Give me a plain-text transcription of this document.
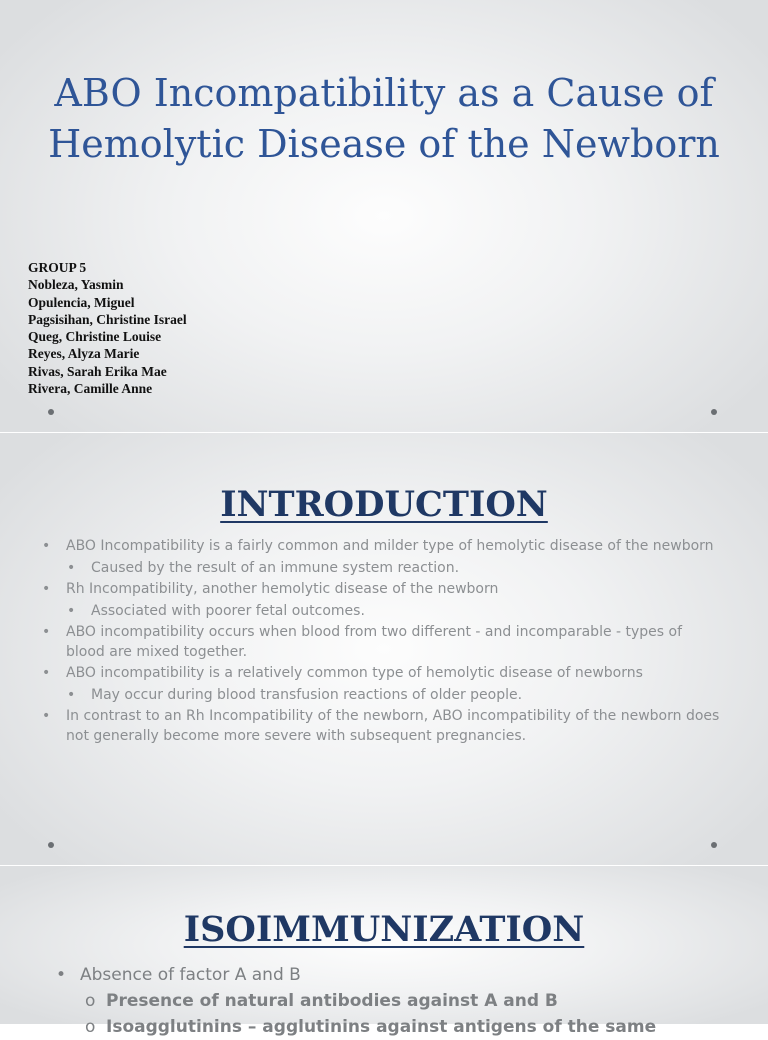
ABO Incompatibility as a Cause of Hemolytic Disease of the Newborn
GROUP 5
Nobleza, Yasmin
Opulencia, Miguel
Pagsisihan, Christine Israel
Queg, Christine Louise
Reyes, Alyza Marie
Rivas, Sarah Erika Mae
Rivera, Camille Anne
INTRODUCTION
• ABO Incompatibility is a fairly common and milder type of hemolytic disease of the newborn
• Caused by the result of an immune system reaction.
• Rh Incompatibility, another hemolytic disease of the newborn
• Associated with poorer fetal outcomes.
• ABO incompatibility occurs when blood from two different - and incomparable - types of blood are mixed together.
• ABO incompatibility is a relatively common type of hemolytic disease of newborns
• May occur during blood transfusion reactions of older people.
• In contrast to an Rh Incompatibility of the newborn, ABO incompatibility of the newborn does not generally become more severe with subsequent pregnancies.
ISOIMMUNIZATION
• Absence of factor A and B
o Presence of natural antibodies against A and B
o Isoagglutinins – agglutinins against antigens of the same
